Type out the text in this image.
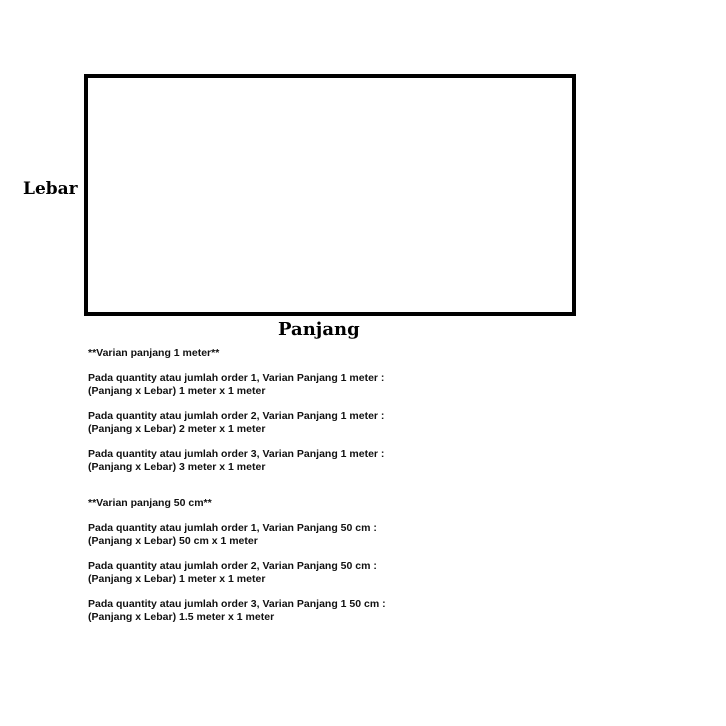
Lebar
Panjang
**Varian panjang 1 meter**
Pada quantity atau jumlah order 1, Varian Panjang 1 meter :
(Panjang x Lebar) 1 meter x 1 meter
Pada quantity atau jumlah order 2, Varian Panjang 1 meter :
(Panjang x Lebar) 2 meter x 1 meter
Pada quantity atau jumlah order 3, Varian Panjang 1 meter :
(Panjang x Lebar) 3 meter x 1 meter
**Varian panjang 50 cm**
Pada quantity atau jumlah order 1, Varian Panjang 50 cm :
(Panjang x Lebar) 50 cm x 1 meter
Pada quantity atau jumlah order 2, Varian Panjang 50 cm :
(Panjang x Lebar) 1 meter x 1 meter
Pada quantity atau jumlah order 3, Varian Panjang 1 50 cm :
(Panjang x Lebar) 1.5 meter x 1 meter
